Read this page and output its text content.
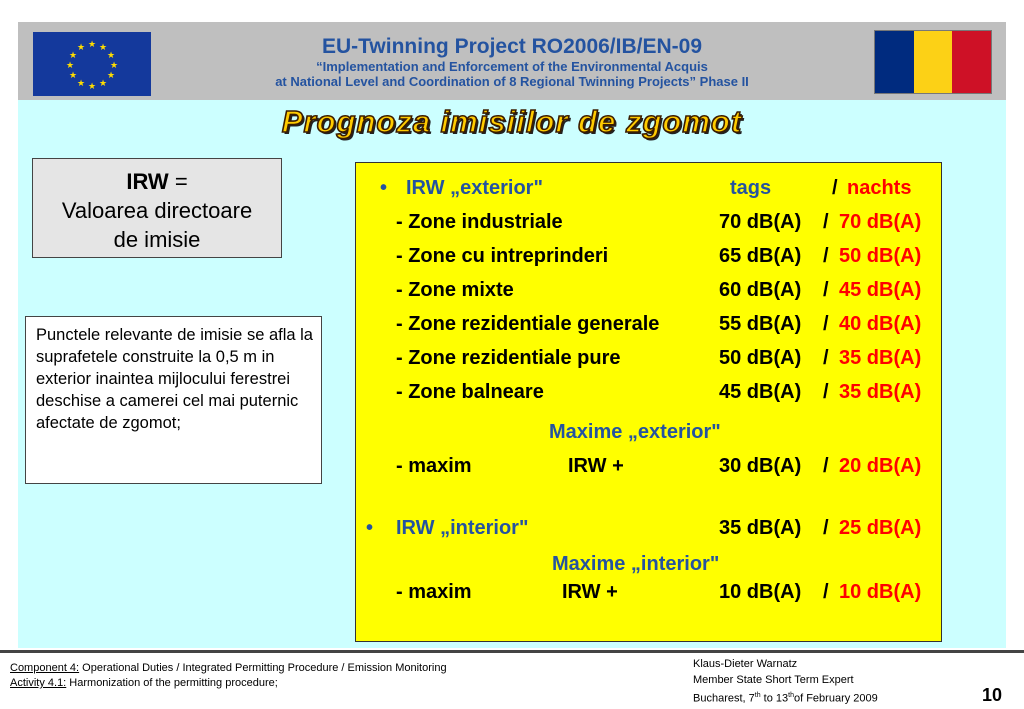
★ ★
★
★
★
★
★
★
★
★
★
★	EU-Twinning Project RO2006/IB/EN-09
“Implementation and Enforcement of the Environmental Acquis
at National Level and Coordination of 8 Regional Twinning Projects” Phase II
Prognoza imisiilor de zgomot
IRW =
Valoarea directoare
de imisie
Punctele relevante de imisie se afla la suprafetele construite la 0,5 m in exterior inaintea mijlocului ferestrei deschise a camerei cel mai puternic afectate de zgomot;
• IRW „exterior"	tags	/ nachts
- Zone industriale	70 dB(A) / 70 dB(A)
- Zone cu intreprinderi	65 dB(A) / 50 dB(A)
- Zone mixte	60 dB(A) / 45 dB(A)
- Zone rezidentiale generale	55 dB(A) / 40 dB(A)
- Zone rezidentiale pure	50 dB(A) / 35 dB(A)
- Zone balneare	45 dB(A) / 35 dB(A)
Maxime „exterior"
- maxim	IRW +	30 dB(A) / 20 dB(A)
• IRW „interior"	35 dB(A) / 25 dB(A)
Maxime „interior"
- maxim	IRW +	10 dB(A) / 10 dB(A)
Component 4: Operational Duties / Integrated Permitting Procedure / Emission Monitoring
Activity 4.1: Harmonization of the permitting procedure;
Klaus-Dieter Warnatz
Member State Short Term Expert
Bucharest, 7th to 13thof February 2009	10
